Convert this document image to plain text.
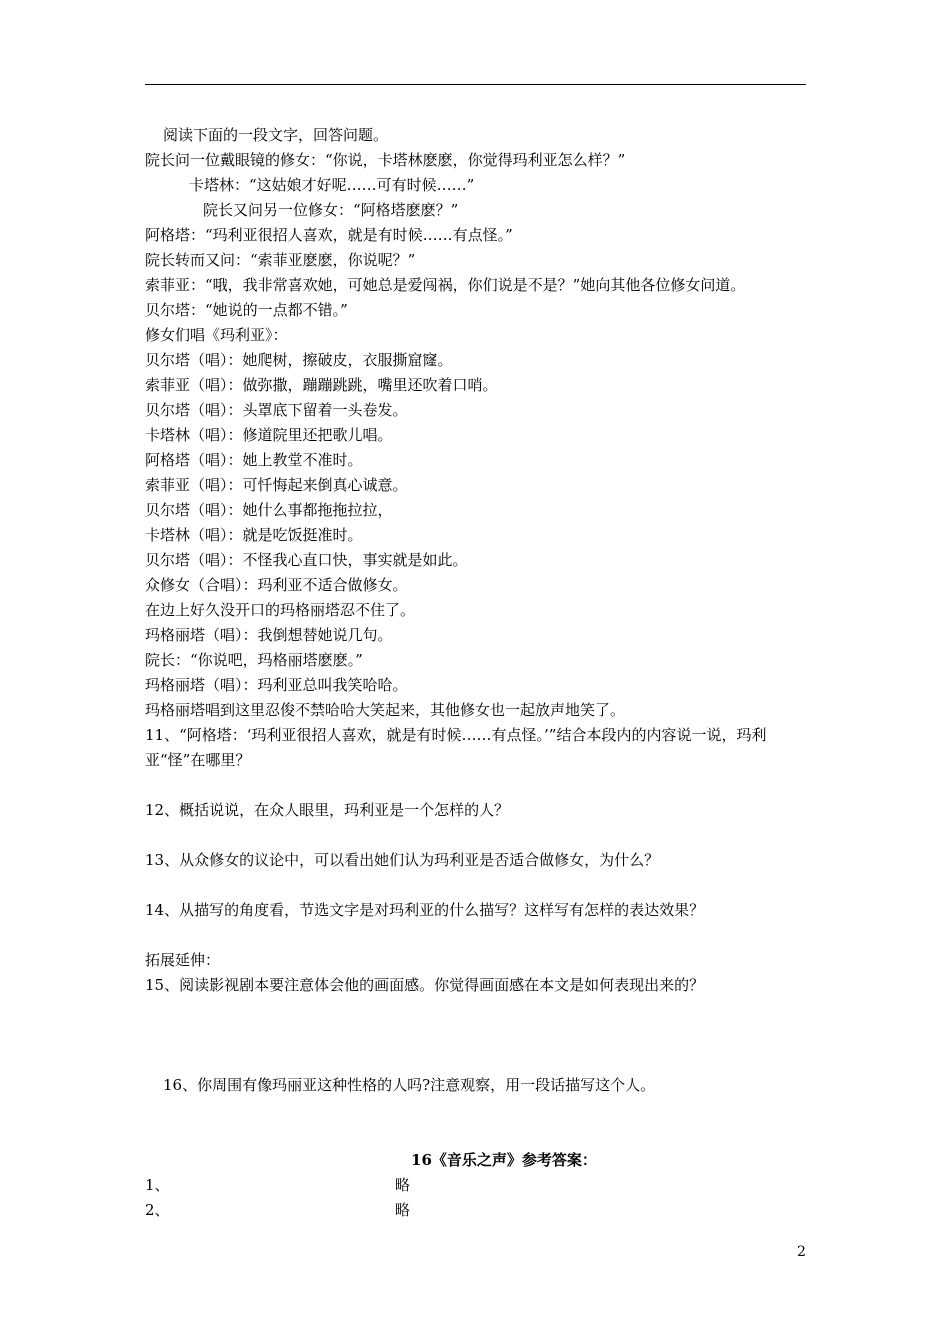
阅读下面的一段文字，回答问题。

院长问一位戴眼镜的修女：“你说，卡塔林麽麽，你觉得玛利亚怎么样？”

卡塔林：“这姑娘才好呢……可有时候……”

院长又问另一位修女：“阿格塔麽麽？”

阿格塔：“玛利亚很招人喜欢，就是有时候……有点怪。”

院长转而又问：“索菲亚麽麽，你说呢？”

索菲亚：“哦，我非常喜欢她，可她总是爱闯祸，你们说是不是？”她向其他各位修女问道。

贝尔塔：“她说的一点都不错。”

修女们唱《玛利亚》：

贝尔塔（唱）：她爬树，擦破皮，衣服撕窟窿。

索菲亚（唱）：做弥撒，蹦蹦跳跳，嘴里还吹着口哨。

贝尔塔（唱）：头罩底下留着一头卷发。

卡塔林（唱）：修道院里还把歌儿唱。

阿格塔（唱）：她上教堂不准时。

索菲亚（唱）：可忏悔起来倒真心诚意。

贝尔塔（唱）：她什么事都拖拖拉拉，

卡塔林（唱）：就是吃饭挺准时。

贝尔塔（唱）：不怪我心直口快，事实就是如此。

众修女（合唱）：玛利亚不适合做修女。

在边上好久没开口的玛格丽塔忍不住了。

玛格丽塔（唱）：我倒想替她说几句。

院长：“你说吧，玛格丽塔麽麽。”

玛格丽塔（唱）：玛利亚总叫我笑哈哈。

玛格丽塔唱到这里忍俊不禁哈哈大笑起来，其他修女也一起放声地笑了。

11、“阿格塔：‘玛利亚很招人喜欢，就是有时候……有点怪。’”结合本段内的内容说一说，玛利亚“怪”在哪里？

12、概括说说，在众人眼里，玛利亚是一个怎样的人？

13、从众修女的议论中，可以看出她们认为玛利亚是否适合做修女，为什么？

14、从描写的角度看，节选文字是对玛利亚的什么描写？这样写有怎样的表达效果？

拓展延伸：

15、阅读影视剧本要注意体会他的画面感。你觉得画面感在本文是如何表现出来的？

16、你周围有像玛丽亚这种性格的人吗?注意观察，用一段话描写这个人。

16《音乐之声》参考答案：

1、	略
2、	略
2
